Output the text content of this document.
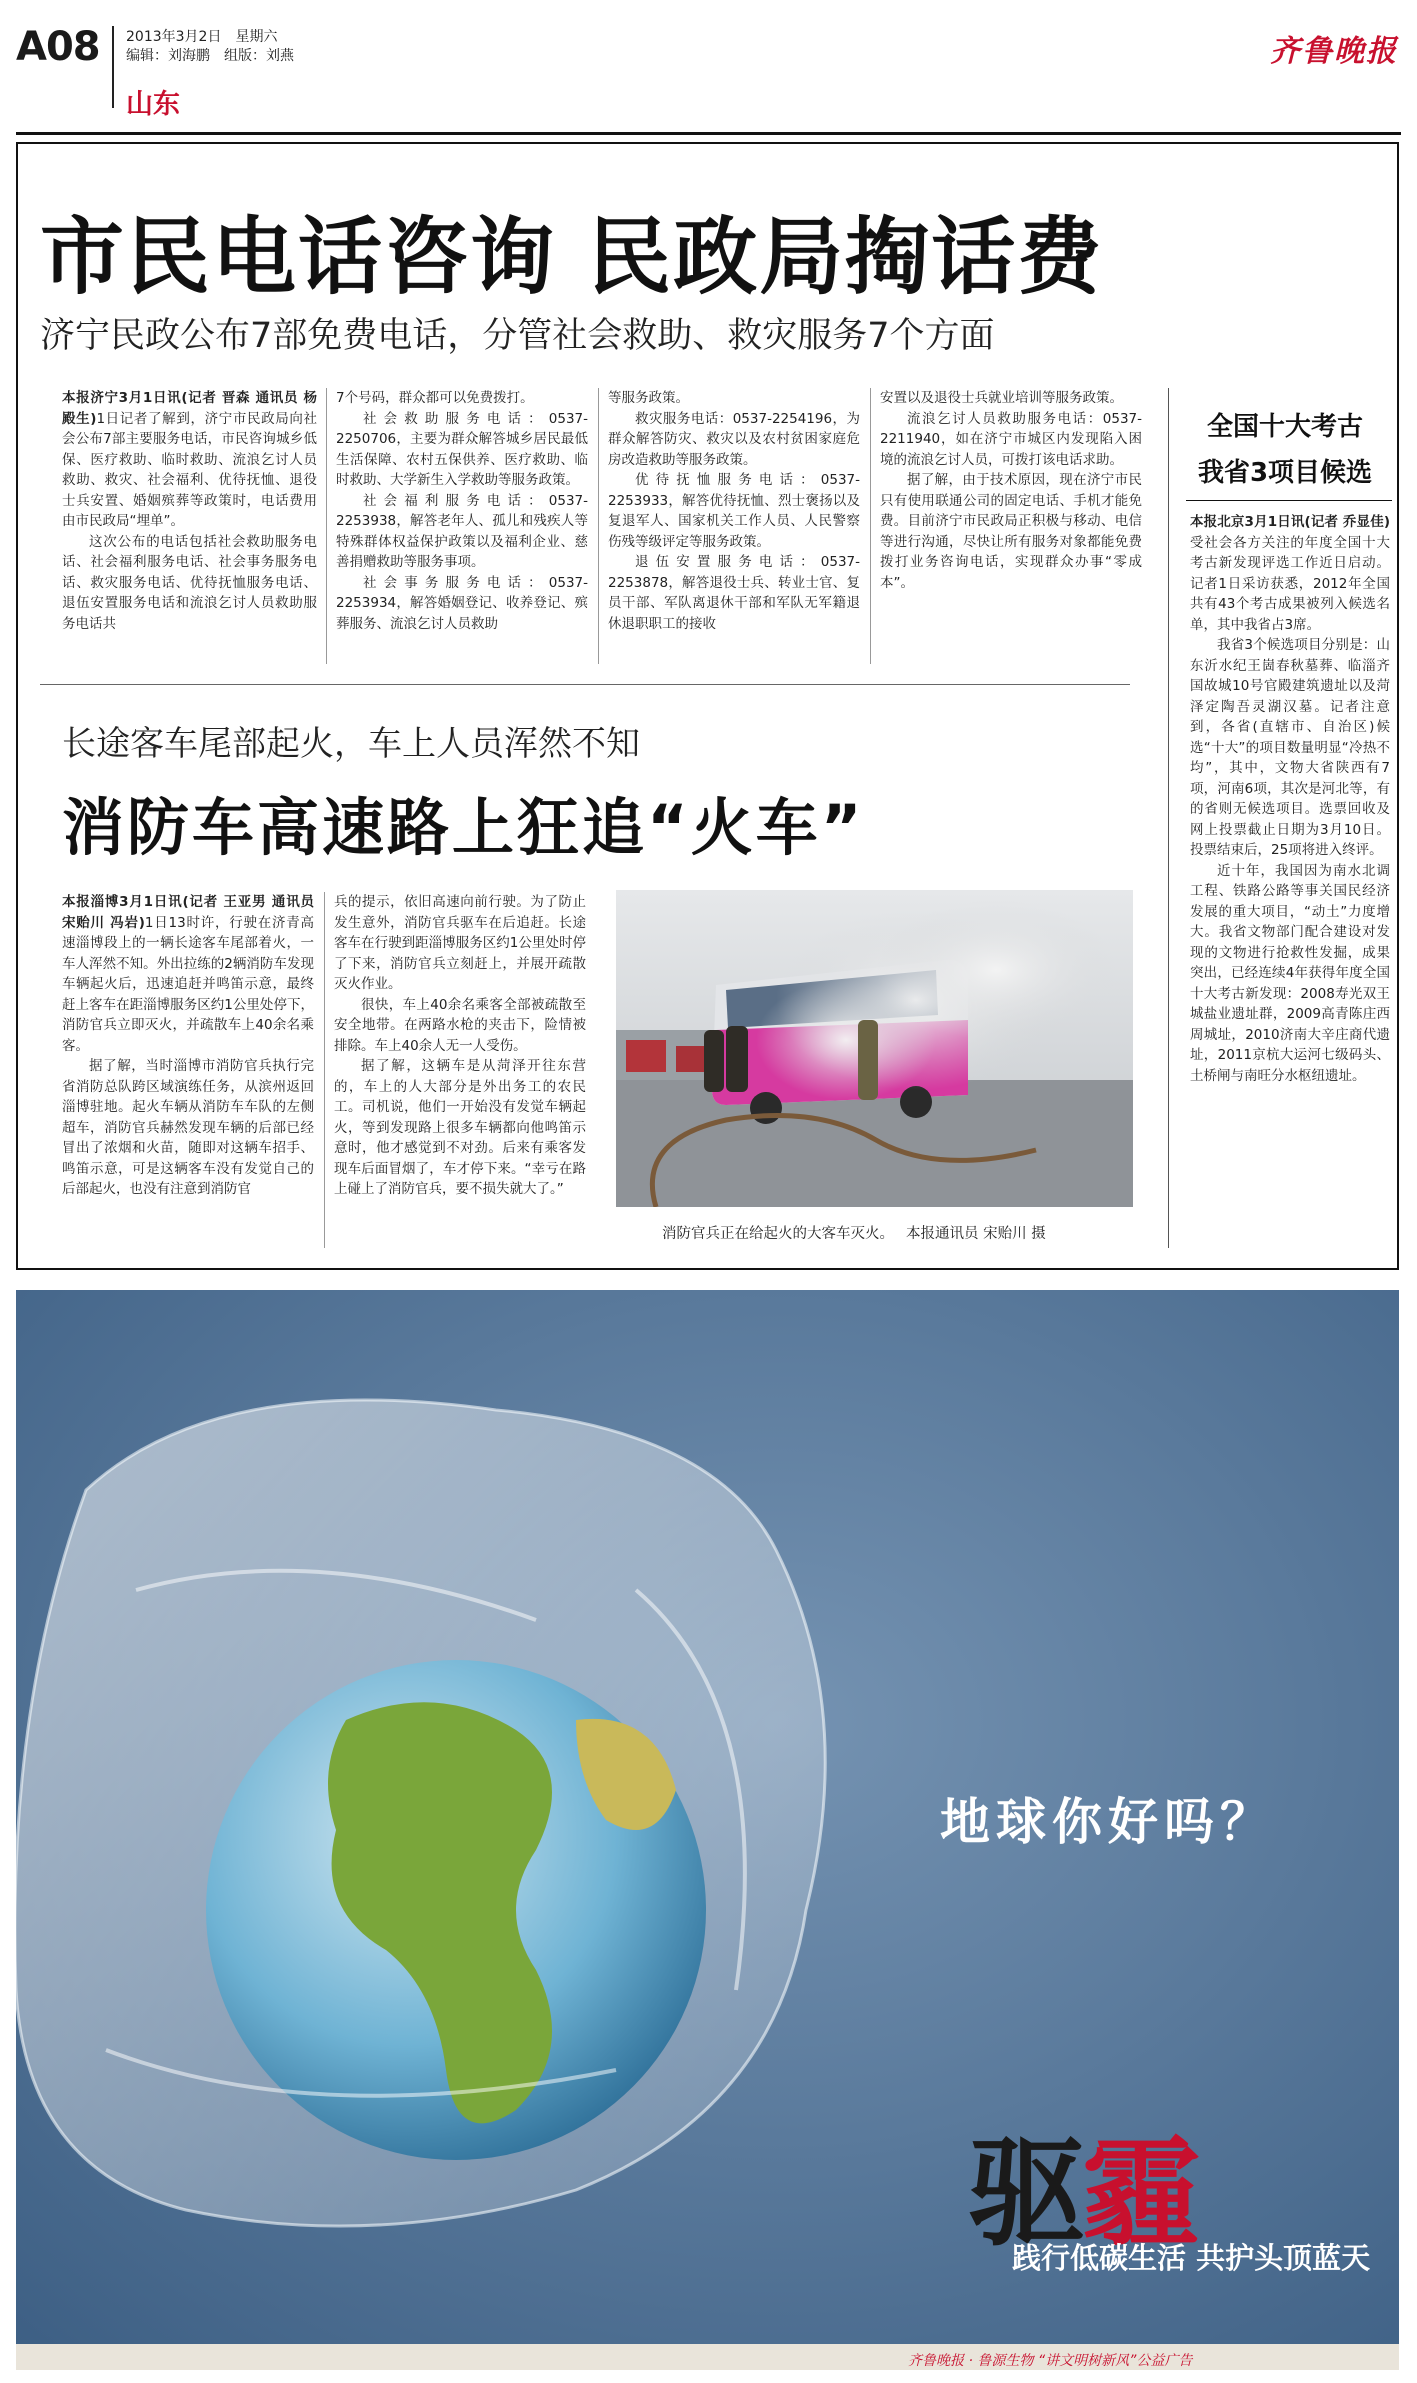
A08 2013年3月2日 星期六
编辑：刘海鹏 组版：刘燕
山东
齐鲁晚报
市民电话咨询 民政局掏话费
济宁民政公布7部免费电话，分管社会救助、救灾服务7个方面

本报济宁3月1日讯(记者 晋森 通讯员 杨殿生)1日记者了解到，济宁市民政局向社会公布7部主要服务电话，市民咨询城乡低保、医疗救助、临时救助、流浪乞讨人员救助、救灾、社会福利、优待抚恤、退役士兵安置、婚姻殡葬等政策时，电话费用由市民政局“埋单”。

这次公布的电话包括社会救助服务电话、社会福利服务电话、社会事务服务电话、救灾服务电话、优待抚恤服务电话、退伍安置服务电话和流浪乞讨人员救助服务电话共

7个号码，群众都可以免费拨打。

社会救助服务电话：0537-2250706，主要为群众解答城乡居民最低生活保障、农村五保供养、医疗救助、临时救助、大学新生入学救助等服务政策。

社会福利服务电话：0537-2253938，解答老年人、孤儿和残疾人等特殊群体权益保护政策以及福利企业、慈善捐赠救助等服务事项。

社会事务服务电话：0537-2253934，解答婚姻登记、收养登记、殡葬服务、流浪乞讨人员救助

等服务政策。

救灾服务电话：0537-2254196，为群众解答防灾、救灾以及农村贫困家庭危房改造救助等服务政策。

优待抚恤服务电话：0537-2253933，解答优待抚恤、烈士褒扬以及复退军人、国家机关工作人员、人民警察伤残等级评定等服务政策。

退伍安置服务电话：0537-2253878，解答退役士兵、转业士官、复员干部、军队离退休干部和军队无军籍退休退职职工的接收

安置以及退役士兵就业培训等服务政策。

流浪乞讨人员救助服务电话：0537-2211940，如在济宁市城区内发现陷入困境的流浪乞讨人员，可拨打该电话求助。

据了解，由于技术原因，现在济宁市民只有使用联通公司的固定电话、手机才能免费。目前济宁市民政局正积极与移动、电信等进行沟通，尽快让所有服务对象都能免费拨打业务咨询电话，实现群众办事“零成本”。

全国十大考古
我省3项目候选

本报北京3月1日讯(记者 乔显佳)受社会各方关注的年度全国十大考古新发现评选工作近日启动。记者1日采访获悉，2012年全国共有43个考古成果被列入候选名单，其中我省占3席。

我省3个候选项目分别是：山东沂水纪王崮春秋墓葬、临淄齐国故城10号官殿建筑遗址以及菏泽定陶吾灵湖汉墓。记者注意到，各省(直辖市、自治区)候选“十大”的项目数量明显“冷热不均”，其中，文物大省陕西有7项，河南6项，其次是河北等，有的省则无候选项目。选票回收及网上投票截止日期为3月10日。投票结束后，25项将进入终评。

近十年，我国因为南水北调工程、铁路公路等事关国民经济发展的重大项目，“动土”力度增大。我省文物部门配合建设对发现的文物进行抢救性发掘，成果突出，已经连续4年获得年度全国十大考古新发现：2008寿光双王城盐业遗址群，2009高青陈庄西周城址，2010济南大辛庄商代遗址，2011京杭大运河七级码头、土桥闸与南旺分水枢纽遗址。

长途客车尾部起火，车上人员浑然不知
消防车高速路上狂追“火车”

本报淄博3月1日讯(记者 王亚男 通讯员 宋贻川 冯岩)1日13时许，行驶在济青高速淄博段上的一辆长途客车尾部着火，一车人浑然不知。外出拉练的2辆消防车发现车辆起火后，迅速追赶并鸣笛示意，最终赶上客车在距淄博服务区约1公里处停下，消防官兵立即灭火，并疏散车上40余名乘客。

据了解，当时淄博市消防官兵执行完省消防总队跨区域演练任务，从滨州返回淄博驻地。起火车辆从消防车车队的左侧超车，消防官兵赫然发现车辆的后部已经冒出了浓烟和火苗，随即对这辆车招手、鸣笛示意，可是这辆客车没有发觉自己的后部起火，也没有注意到消防官

兵的提示，依旧高速向前行驶。为了防止发生意外，消防官兵驱车在后追赶。长途客车在行驶到距淄博服务区约1公里处时停了下来，消防官兵立刻赶上，并展开疏散灭火作业。

很快，车上40余名乘客全部被疏散至安全地带。在两路水枪的夹击下，险情被排除。车上40余人无一人受伤。

据了解，这辆车是从菏泽开往东营的，车上的人大部分是外出务工的农民工。司机说，他们一开始没有发觉车辆起火，等到发现路上很多车辆都向他鸣笛示意时，他才感觉到不对劲。后来有乘客发现车后面冒烟了，车才停下来。“幸亏在路上碰上了消防官兵，要不损失就大了。”

消防官兵正在给起火的大客车灭火。 本报通讯员 宋贻川 摄
地球你好吗？
驱霾
践行低碳生活 共护头顶蓝天
齐鲁晚报 · 鲁源生物 “讲文明树新风”公益广告
